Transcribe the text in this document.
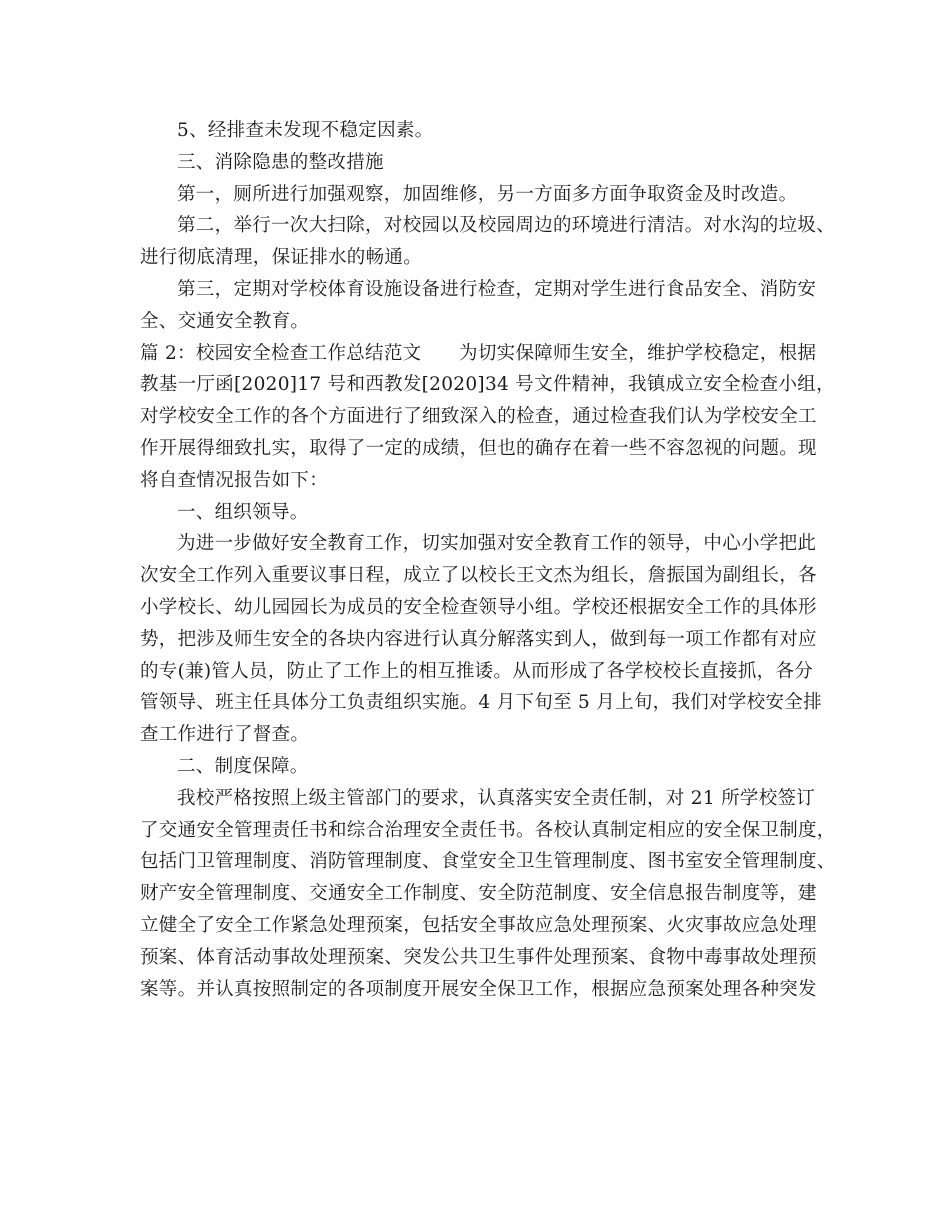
5、经排查未发现不稳定因素。
三、消除隐患的整改措施
第一，厕所进行加强观察，加固维修，另一方面多方面争取资金及时改造。
第二，举行一次大扫除，对校园以及校园周边的环境进行清洁。对水沟的垃圾、
进行彻底清理，保证排水的畅通。
第三，定期对学校体育设施设备进行检查，定期对学生进行食品安全、消防安
全、交通安全教育。
篇 2：校园安全检查工作总结范文　　为切实保障师生安全，维护学校稳定，根据
教基一厅函[2020]17 号和西教发[2020]34 号文件精神，我镇成立安全检查小组，
对学校安全工作的各个方面进行了细致深入的检查，通过检查我们认为学校安全工
作开展得细致扎实，取得了一定的成绩，但也的确存在着一些不容忽视的问题。现
将自查情况报告如下：
一、组织领导。
为进一步做好安全教育工作，切实加强对安全教育工作的领导，中心小学把此
次安全工作列入重要议事日程，成立了以校长王文杰为组长，詹振国为副组长，各
小学校长、幼儿园园长为成员的安全检查领导小组。学校还根据安全工作的具体形
势，把涉及师生安全的各块内容进行认真分解落实到人，做到每一项工作都有对应
的专(兼)管人员，防止了工作上的相互推诿。从而形成了各学校校长直接抓，各分
管领导、班主任具体分工负责组织实施。4 月下旬至 5 月上旬，我们对学校安全排
查工作进行了督查。
二、制度保障。
我校严格按照上级主管部门的要求，认真落实安全责任制，对 21 所学校签订
了交通安全管理责任书和综合治理安全责任书。各校认真制定相应的安全保卫制度，
包括门卫管理制度、消防管理制度、食堂安全卫生管理制度、图书室安全管理制度、
财产安全管理制度、交通安全工作制度、安全防范制度、安全信息报告制度等，建
立健全了安全工作紧急处理预案，包括安全事故应急处理预案、火灾事故应急处理
预案、体育活动事故处理预案、突发公共卫生事件处理预案、食物中毒事故处理预
案等。并认真按照制定的各项制度开展安全保卫工作，根据应急预案处理各种突发
